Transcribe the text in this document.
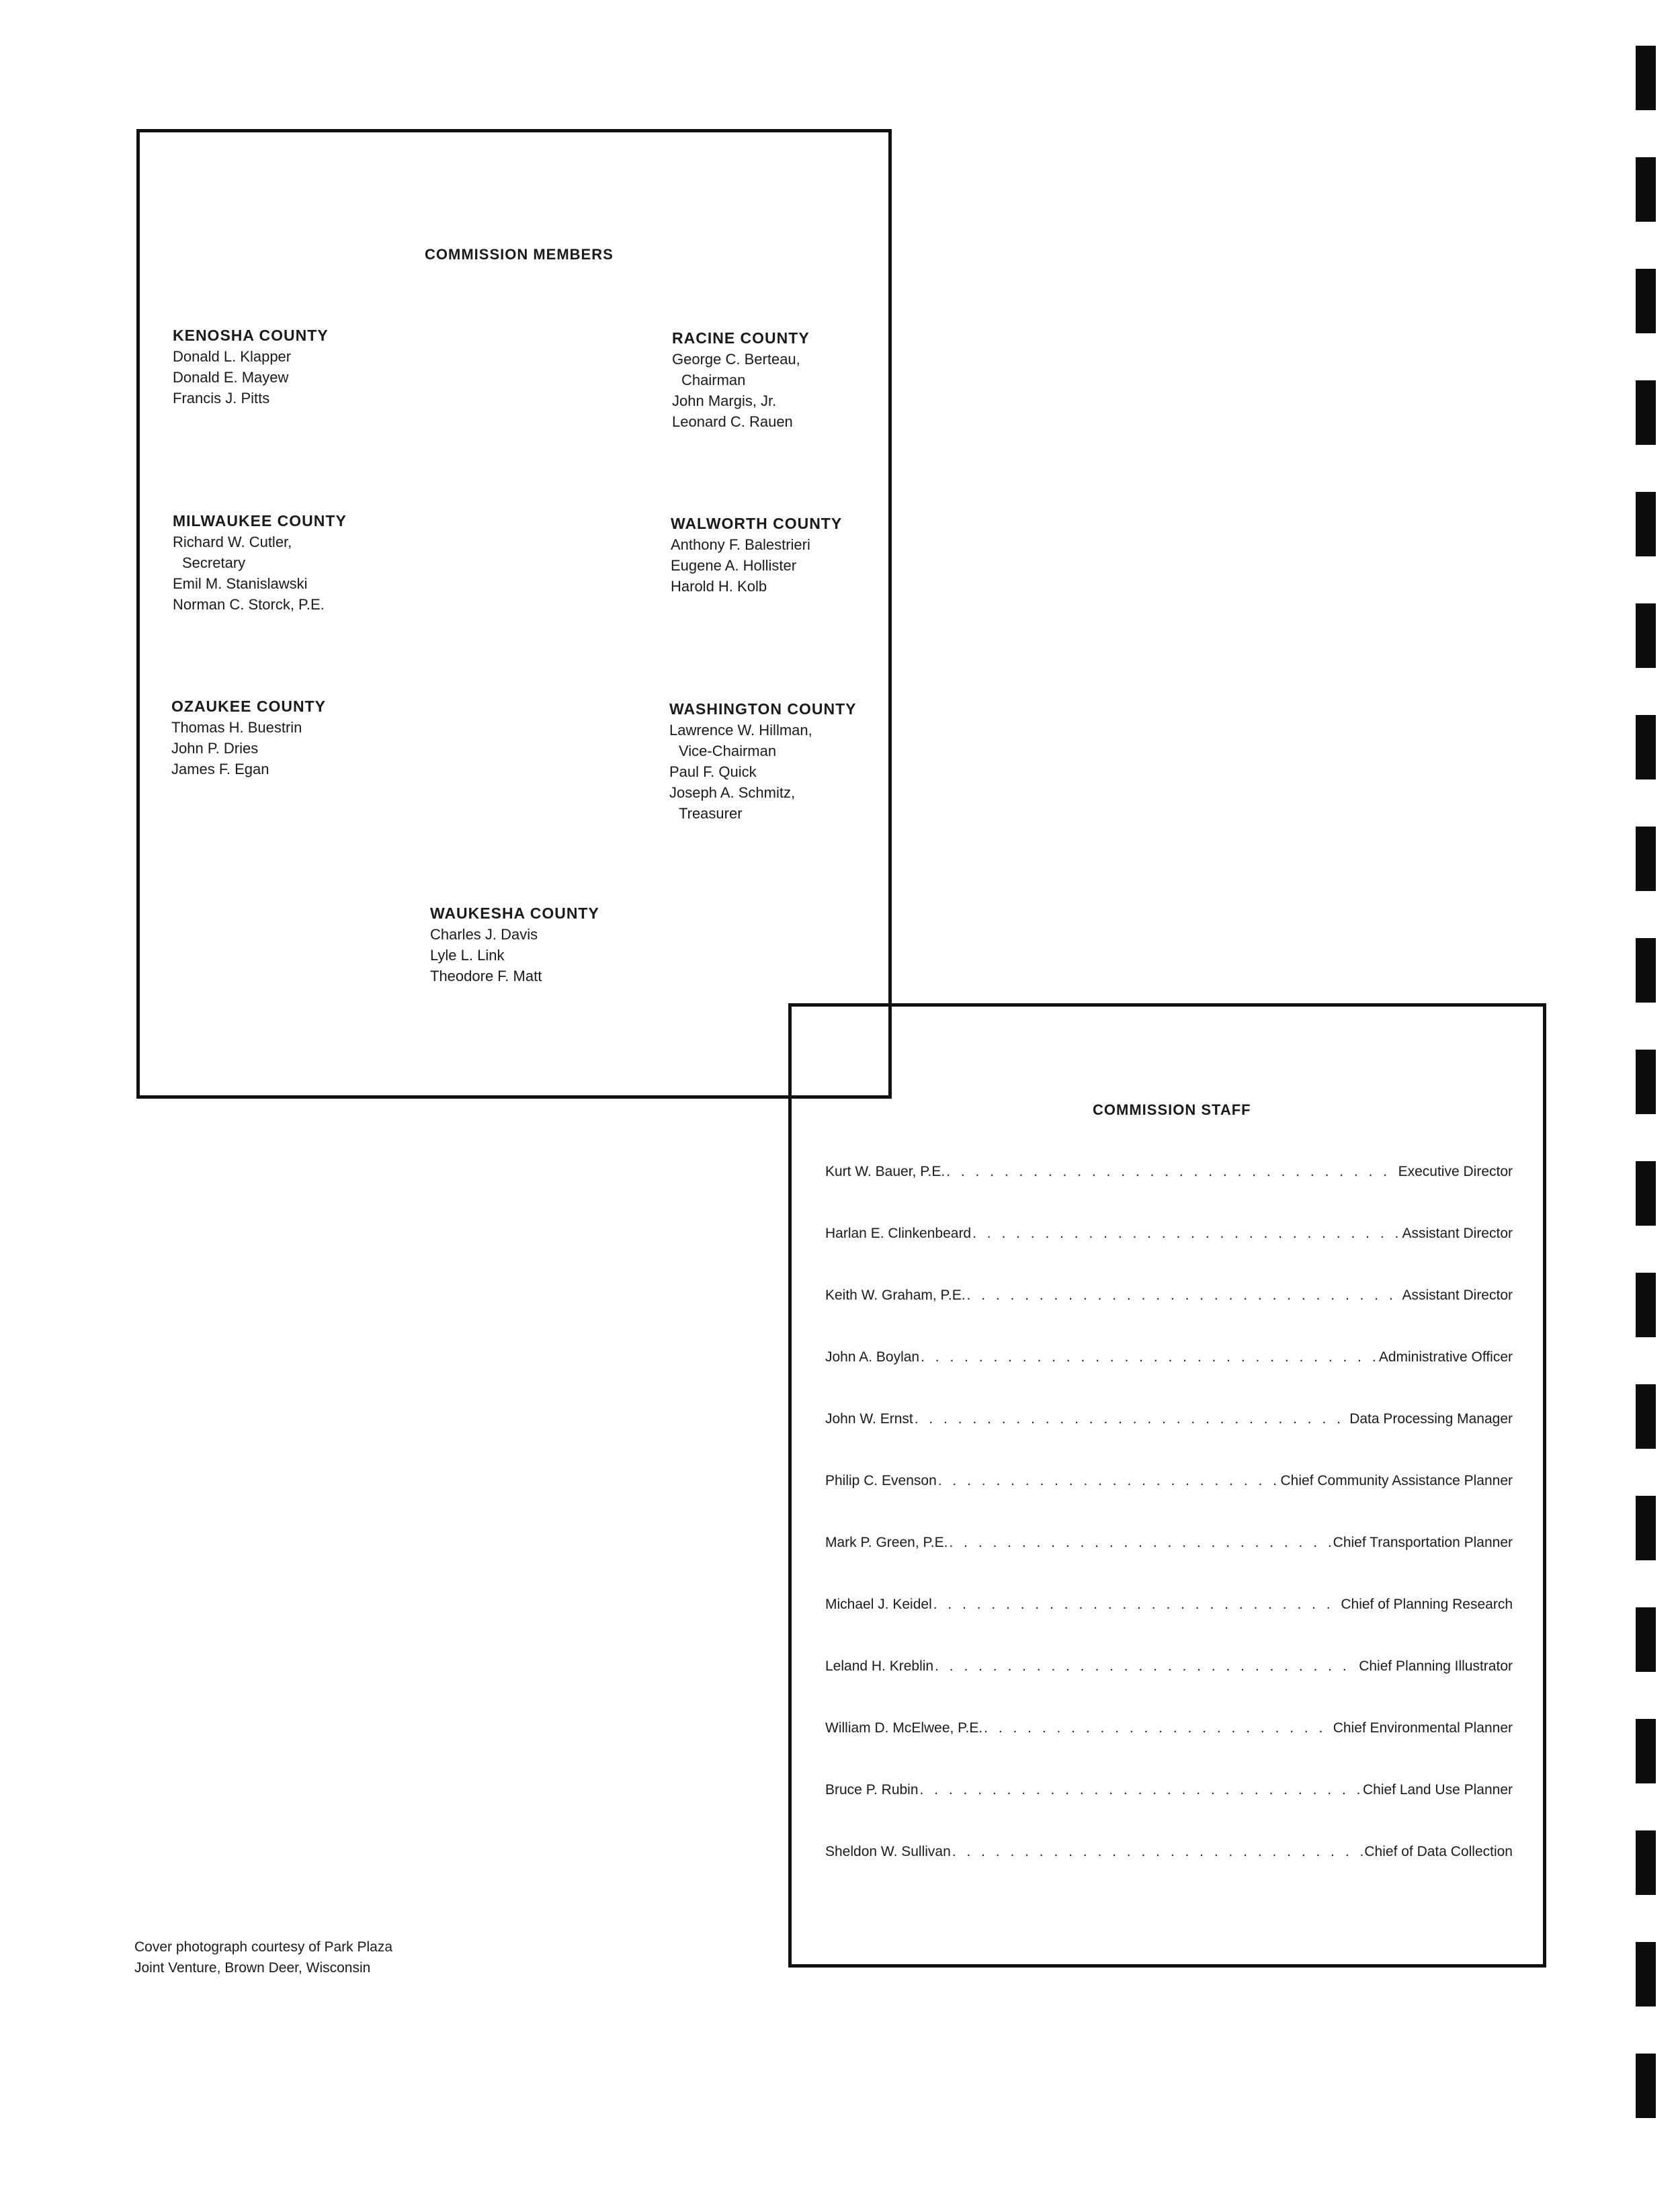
COMMISSION MEMBERS
KENOSHA COUNTY
Donald L. Klapper
Donald E. Mayew
Francis J. Pitts
RACINE COUNTY
George C. Berteau,
Chairman
John Margis, Jr.
Leonard C. Rauen
MILWAUKEE COUNTY
Richard W. Cutler,
Secretary
Emil M. Stanislawski
Norman C. Storck, P.E.
WALWORTH COUNTY
Anthony F. Balestrieri
Eugene A. Hollister
Harold H. Kolb
OZAUKEE COUNTY
Thomas H. Buestrin
John P. Dries
James F. Egan
WASHINGTON COUNTY
Lawrence W. Hillman,
Vice-Chairman
Paul F. Quick
Joseph A. Schmitz,
Treasurer
WAUKESHA COUNTY
Charles J. Davis
Lyle L. Link
Theodore F. Matt
COMMISSION STAFF
Kurt W. Bauer, P.E. . . .	Executive Director
Harlan E. Clinkenbeard . . .	Assistant Director
Keith W. Graham, P.E. . . .	Assistant Director
John A. Boylan . . .	Administrative Officer
John W. Ernst . . .	Data Processing Manager
Philip C. Evenson . . .	Chief Community Assistance Planner
Mark P. Green, P.E. . . .	Chief Transportation Planner
Michael J. Keidel . . .	Chief of Planning Research
Leland H. Kreblin . . .	Chief Planning Illustrator
William D. McElwee, P.E. . . .	Chief Environmental Planner
Bruce P. Rubin . . .	Chief Land Use Planner
Sheldon W. Sullivan . . .	Chief of Data Collection
Cover photograph courtesy of Park Plaza
Joint Venture, Brown Deer, Wisconsin
